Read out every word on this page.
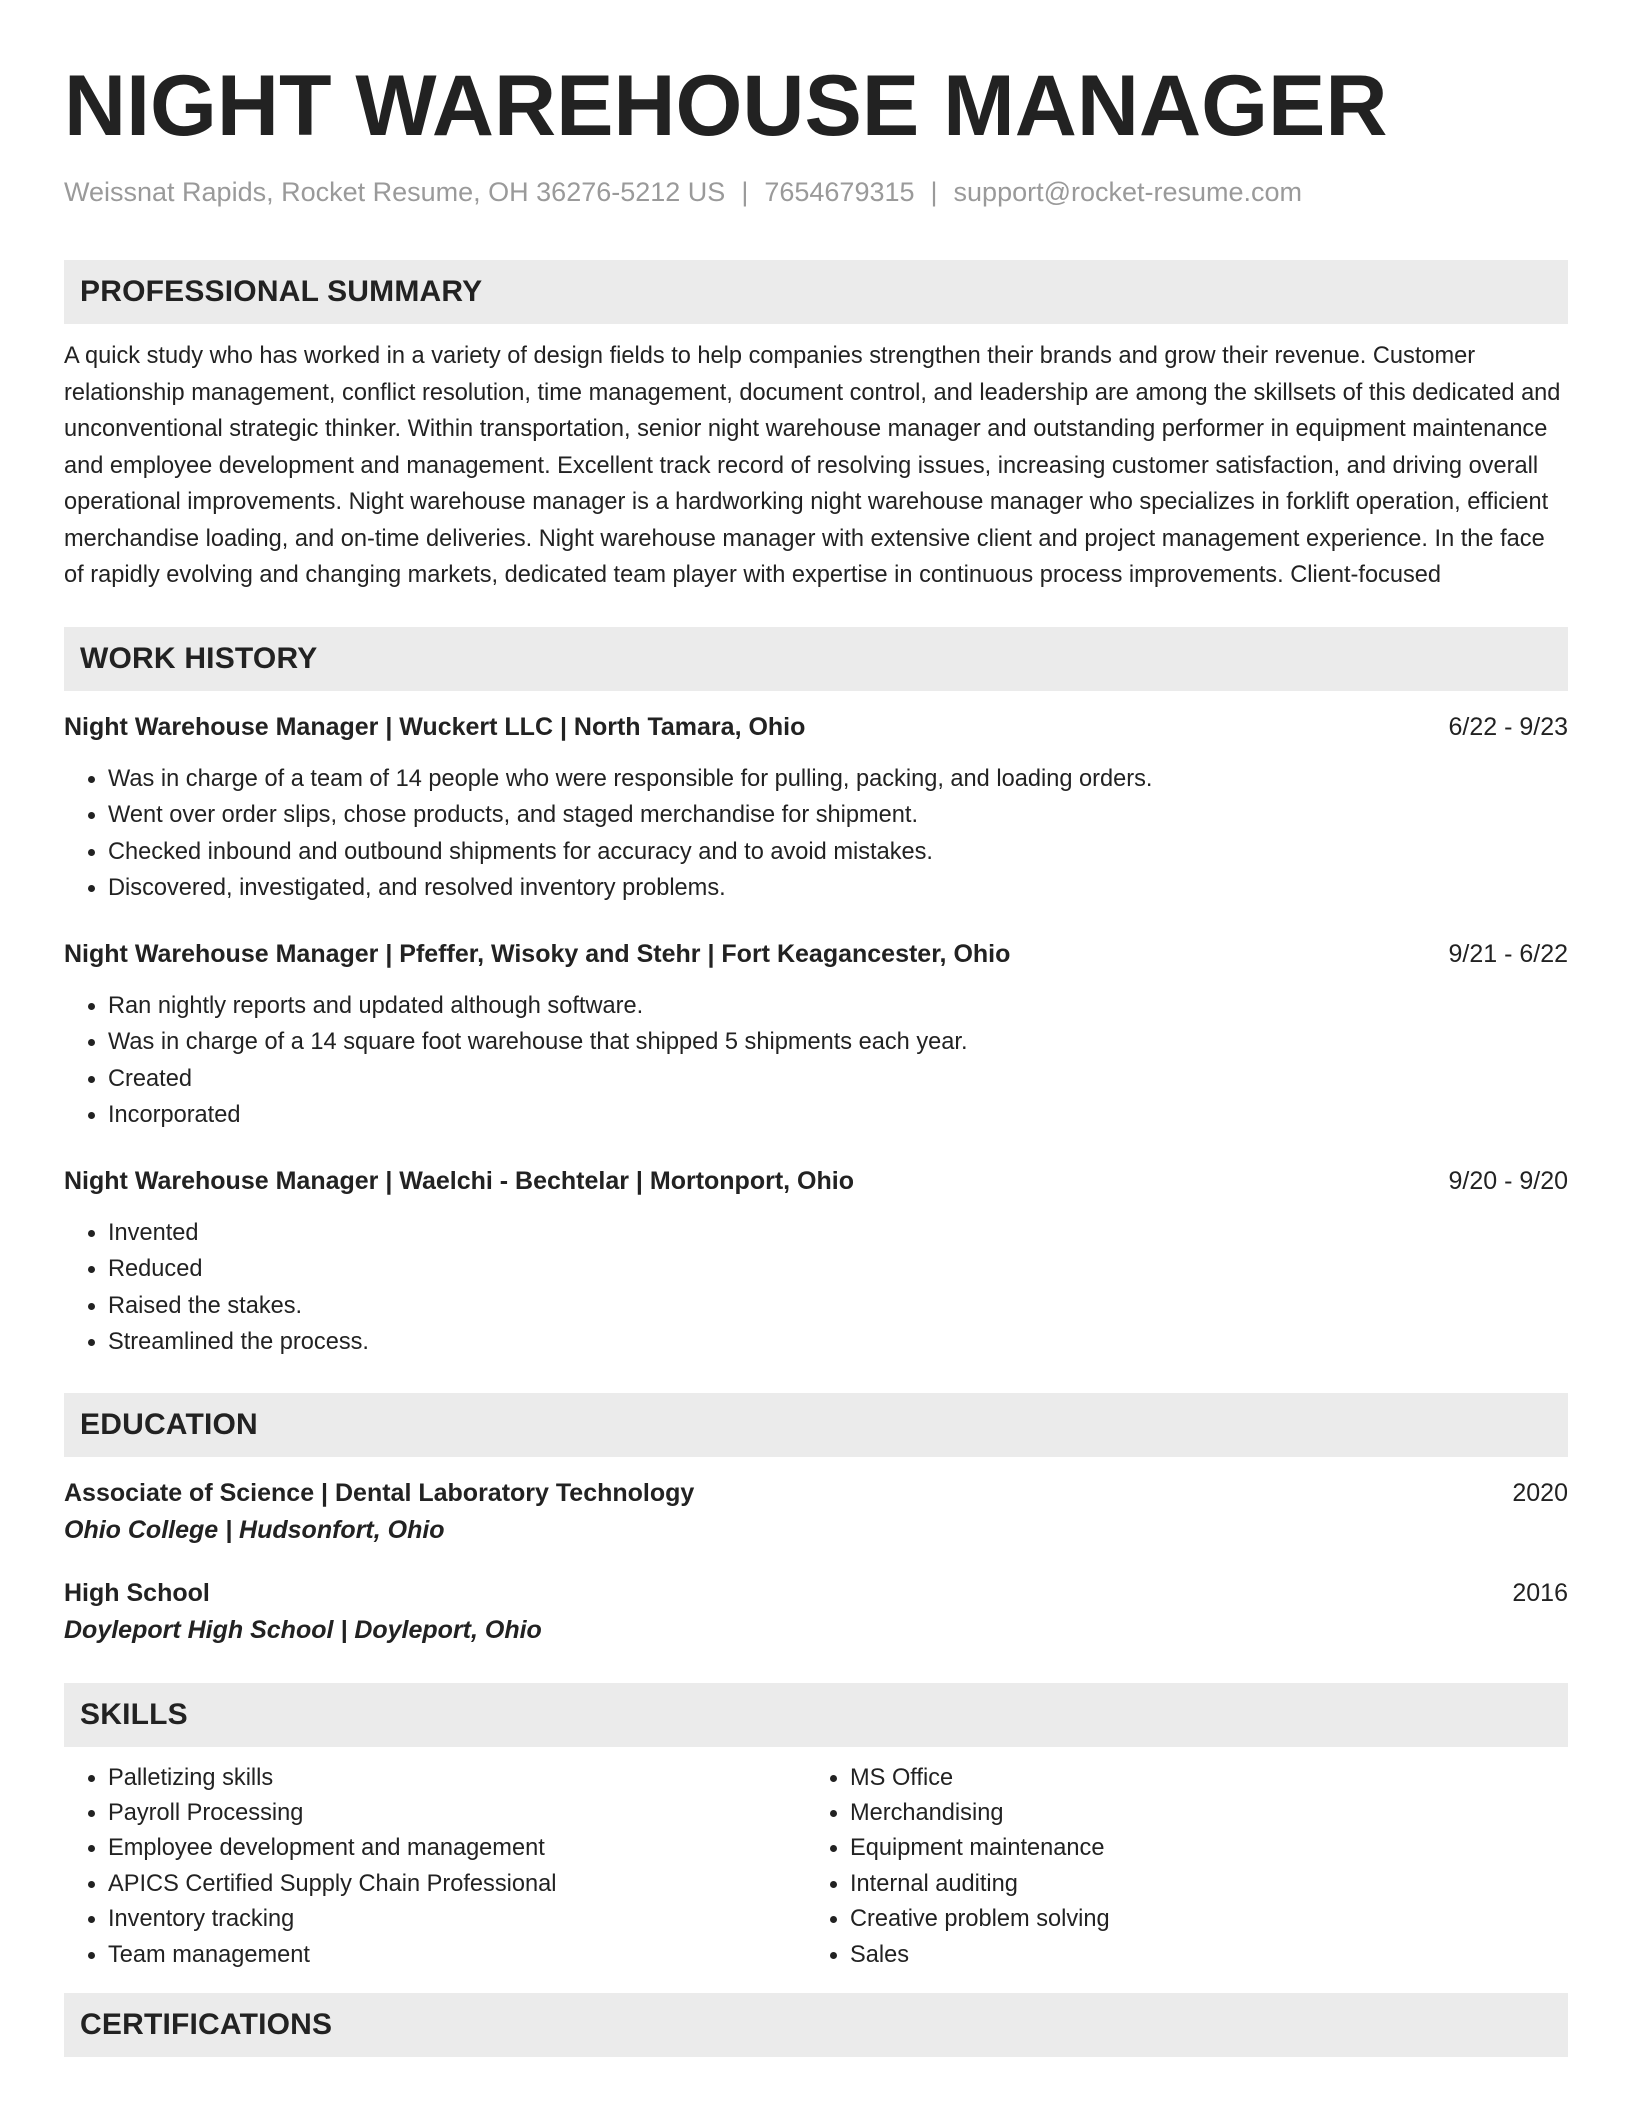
NIGHT WAREHOUSE MANAGER
Weissnat Rapids, Rocket Resume, OH 36276-5212 US | 7654679315 | support@rocket-resume.com
PROFESSIONAL SUMMARY
A quick study who has worked in a variety of design fields to help companies strengthen their brands and grow their revenue. Customer relationship management, conflict resolution, time management, document control, and leadership are among the skillsets of this dedicated and unconventional strategic thinker. Within transportation, senior night warehouse manager and outstanding performer in equipment maintenance and employee development and management. Excellent track record of resolving issues, increasing customer satisfaction, and driving overall operational improvements. Night warehouse manager is a hardworking night warehouse manager who specializes in forklift operation, efficient merchandise loading, and on-time deliveries. Night warehouse manager with extensive client and project management experience. In the face of rapidly evolving and changing markets, dedicated team player with expertise in continuous process improvements. Client-focused
WORK HISTORY
Night Warehouse Manager | Wuckert LLC | North Tamara, Ohio	6/22 - 9/23
• Was in charge of a team of 14 people who were responsible for pulling, packing, and loading orders.
• Went over order slips, chose products, and staged merchandise for shipment.
• Checked inbound and outbound shipments for accuracy and to avoid mistakes.
• Discovered, investigated, and resolved inventory problems.
Night Warehouse Manager | Pfeffer, Wisoky and Stehr | Fort Keagancester, Ohio	9/21 - 6/22
• Ran nightly reports and updated although software.
• Was in charge of a 14 square foot warehouse that shipped 5 shipments each year.
• Created
• Incorporated
Night Warehouse Manager | Waelchi - Bechtelar | Mortonport, Ohio	9/20 - 9/20
• Invented
• Reduced
• Raised the stakes.
• Streamlined the process.
EDUCATION
Associate of Science | Dental Laboratory Technology	2020
Ohio College | Hudsonfort, Ohio
High School	2016
Doyleport High School | Doyleport, Ohio
SKILLS
• Palletizing skills
• Payroll Processing
• Employee development and management
• APICS Certified Supply Chain Professional
• Inventory tracking
• Team management
• MS Office
• Merchandising
• Equipment maintenance
• Internal auditing
• Creative problem solving
• Sales
CERTIFICATIONS
